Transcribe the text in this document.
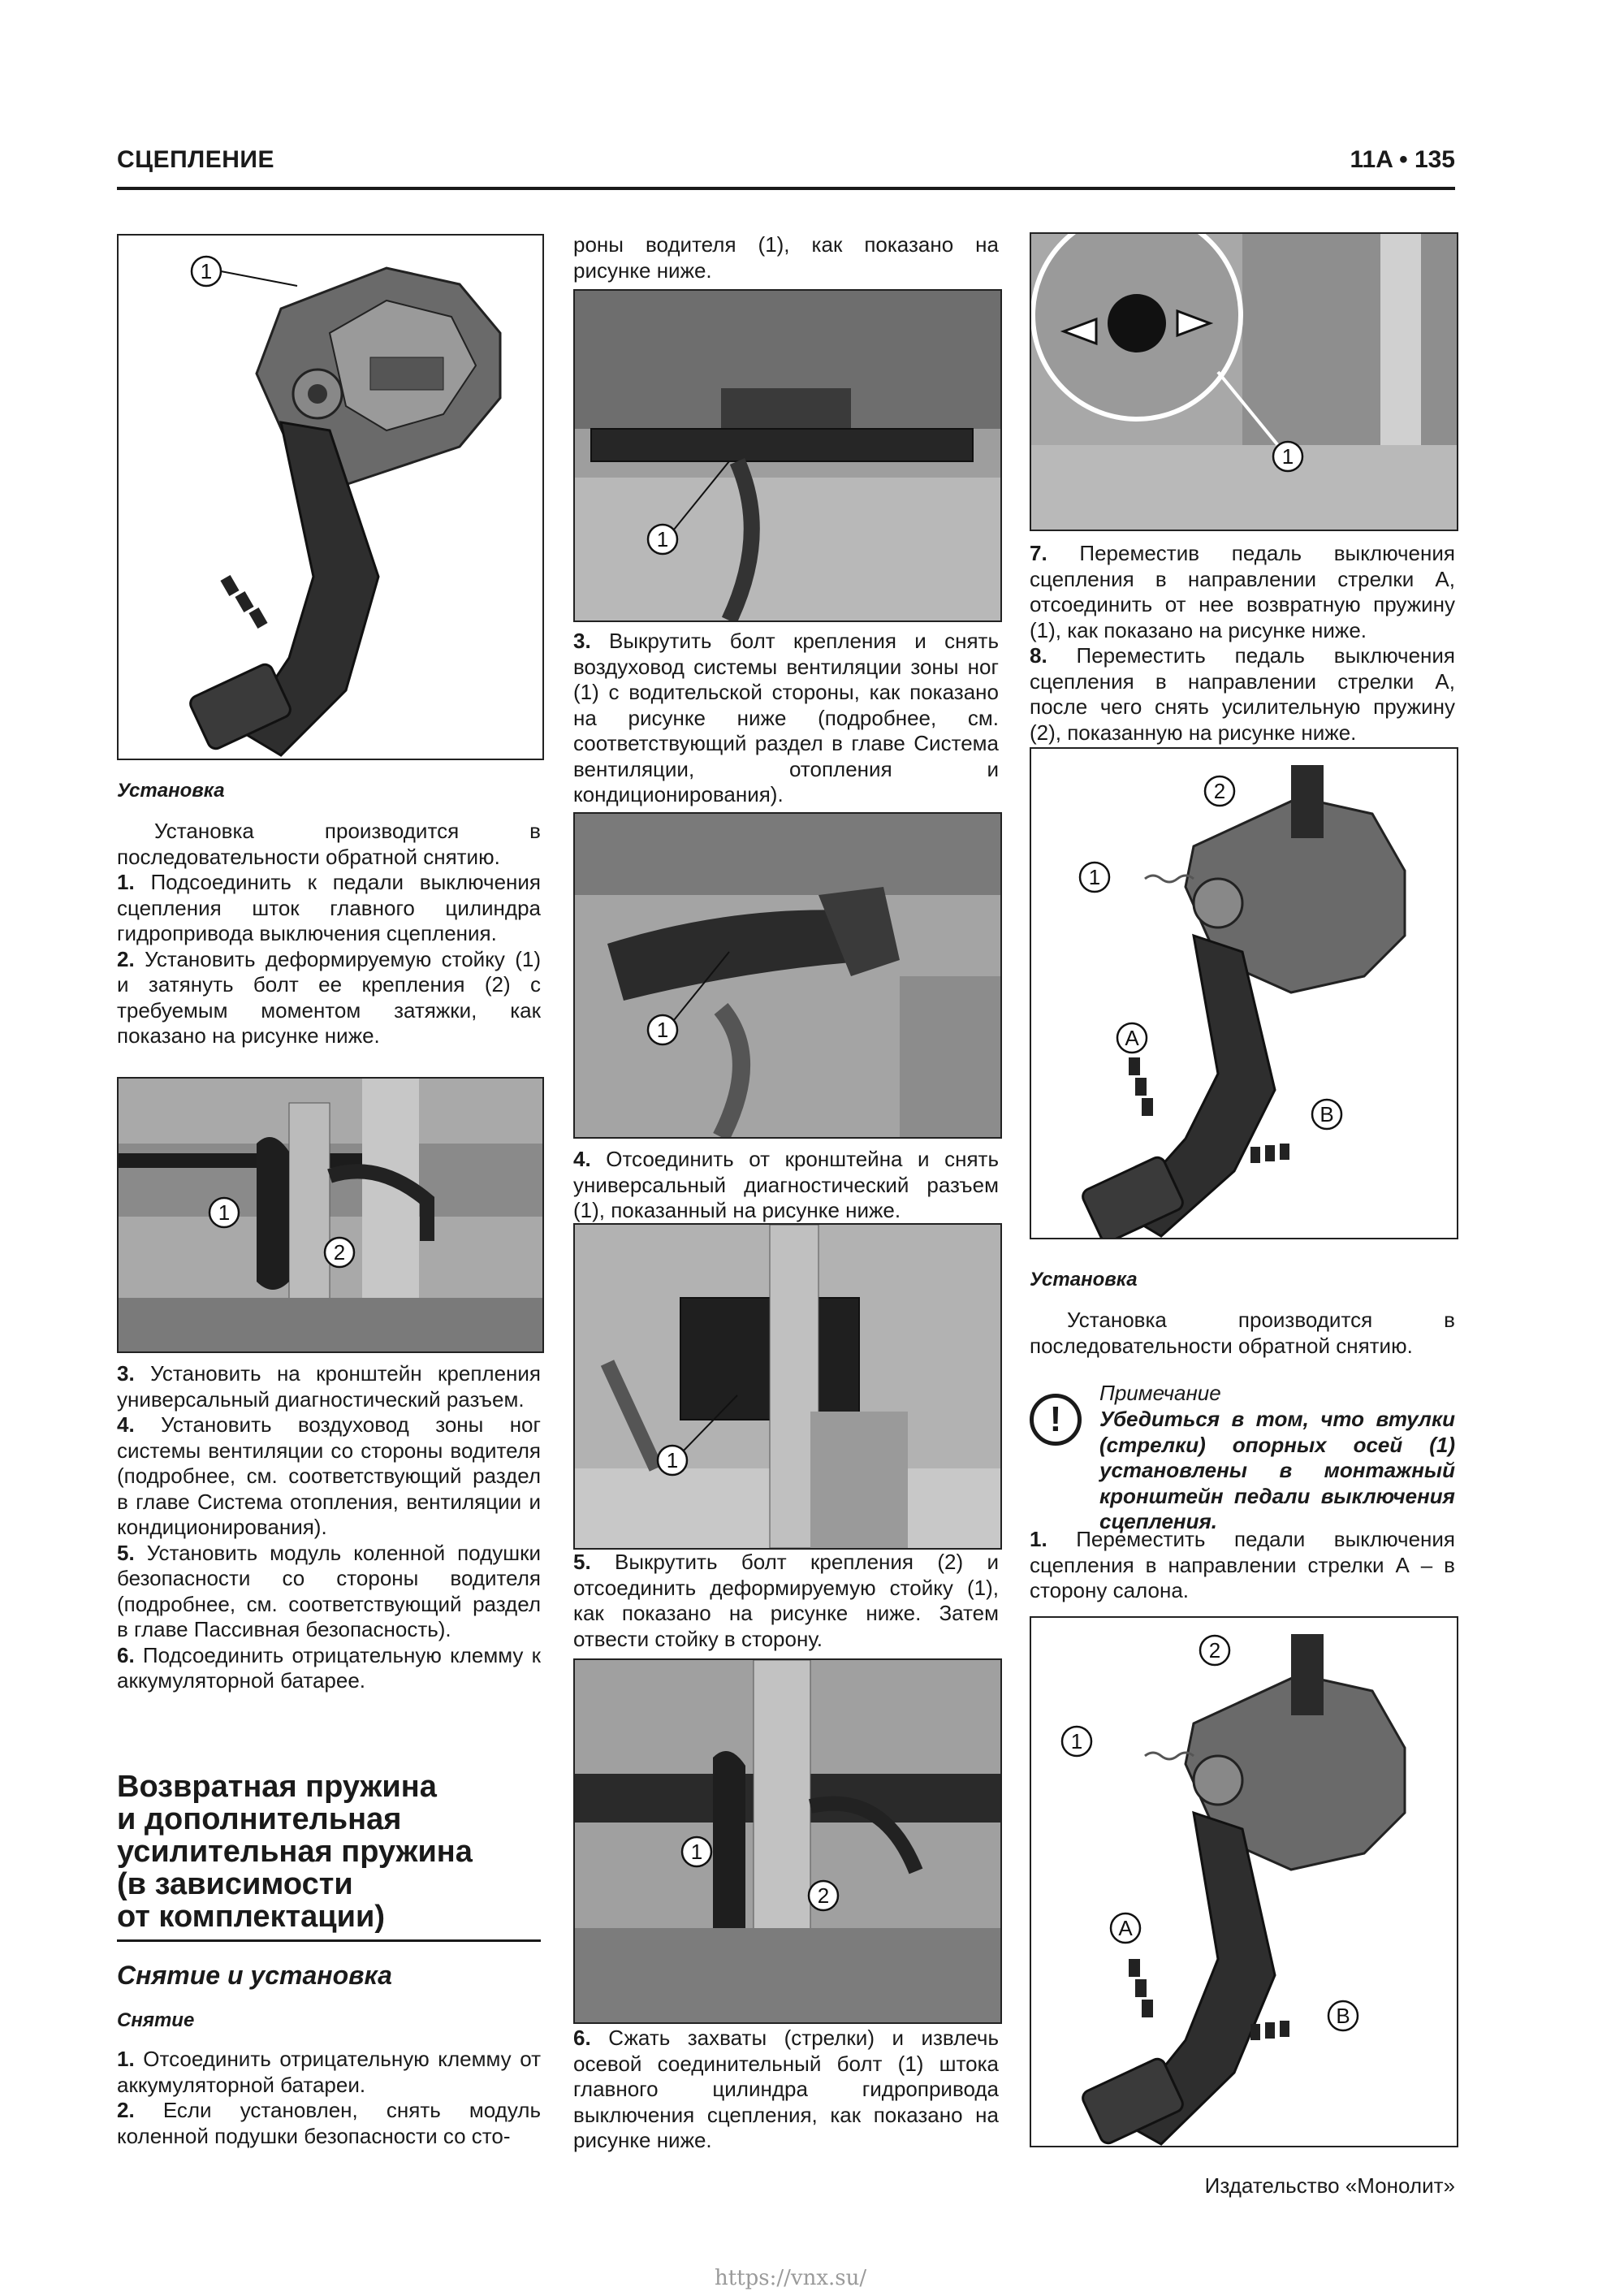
СЦЕПЛЕНИЕ	11A • 135
1
Установка

Установка производится в последовательности обратной снятию.

1. Подсоединить к педали выключения сцепления шток главного цилиндра гидропривода выключения сцепления.

2. Установить деформируемую стойку (1) и затянуть болт ее крепления (2) с требуемым моментом затяжки, как показано на рисунке ниже.

1
2

3. Установить на кронштейн крепления универсальный диагностический разъем.

4. Установить воздуховод зоны ног системы вентиляции со стороны водителя (подробнее, см. соответствующий раздел в главе Система отопления, вентиляции и кондиционирования).

5. Установить модуль коленной подушки безопасности со стороны водителя (подробнее, см. соответствующий раздел в главе Пассивная безопасность).

6. Подсоединить отрицательную клемму к аккумуляторной батарее.

Возвратная пружина
и дополнительная
усилительная пружина
(в зависимости
от комплектации)
Снятие и установка
Снятие

1. Отсоединить отрицательную клемму от аккумуляторной батареи.

2. Если установлен, снять модуль коленной подушки безопасности со сто-

роны водителя (1), как показано на рисунке ниже.
1

3. Выкрутить болт крепления и снять воздуховод системы вентиляции зоны ног (1) с водительской стороны, как показано на рисунке ниже (подробнее, см. соответствующий раздел в главе Система вентиляции, отопления и кондиционирования).

1

4. Отсоединить от кронштейна и снять универсальный диагностический разъем (1), показанный на рисунке ниже.

1

5. Выкрутить болт крепления (2) и отсоединить деформируемую стойку (1), как показано на рисунке ниже. Затем отвести стойку в сторону.

1
2

6. Сжать захваты (стрелки) и извлечь осевой соединительный болт (1) штока главного цилиндра гидропривода выключения сцепления, как показано на рисунке ниже.

1

7. Переместив педаль выключения сцепления в направлении стрелки А, отсоединить от нее возвратную пружину (1), как показано на рисунке ниже.

8. Переместить педаль выключения сцепления в направлении стрелки А, после чего снять усилительную пружину (2), показанную на рисунке ниже.

2
1
A
B
Установка

Установка производится в последовательности обратной снятию.

!
Примечание
Убедиться в том, что втулки (стрелки) опорных осей (1) установлены в монтажный кронштейн педали выключения сцепления.

1. Переместить педали выключения сцепления в направлении стрелки А – в сторону салона.

2
1
A
B
Издательство «Монолит»
https://vnx.su/
